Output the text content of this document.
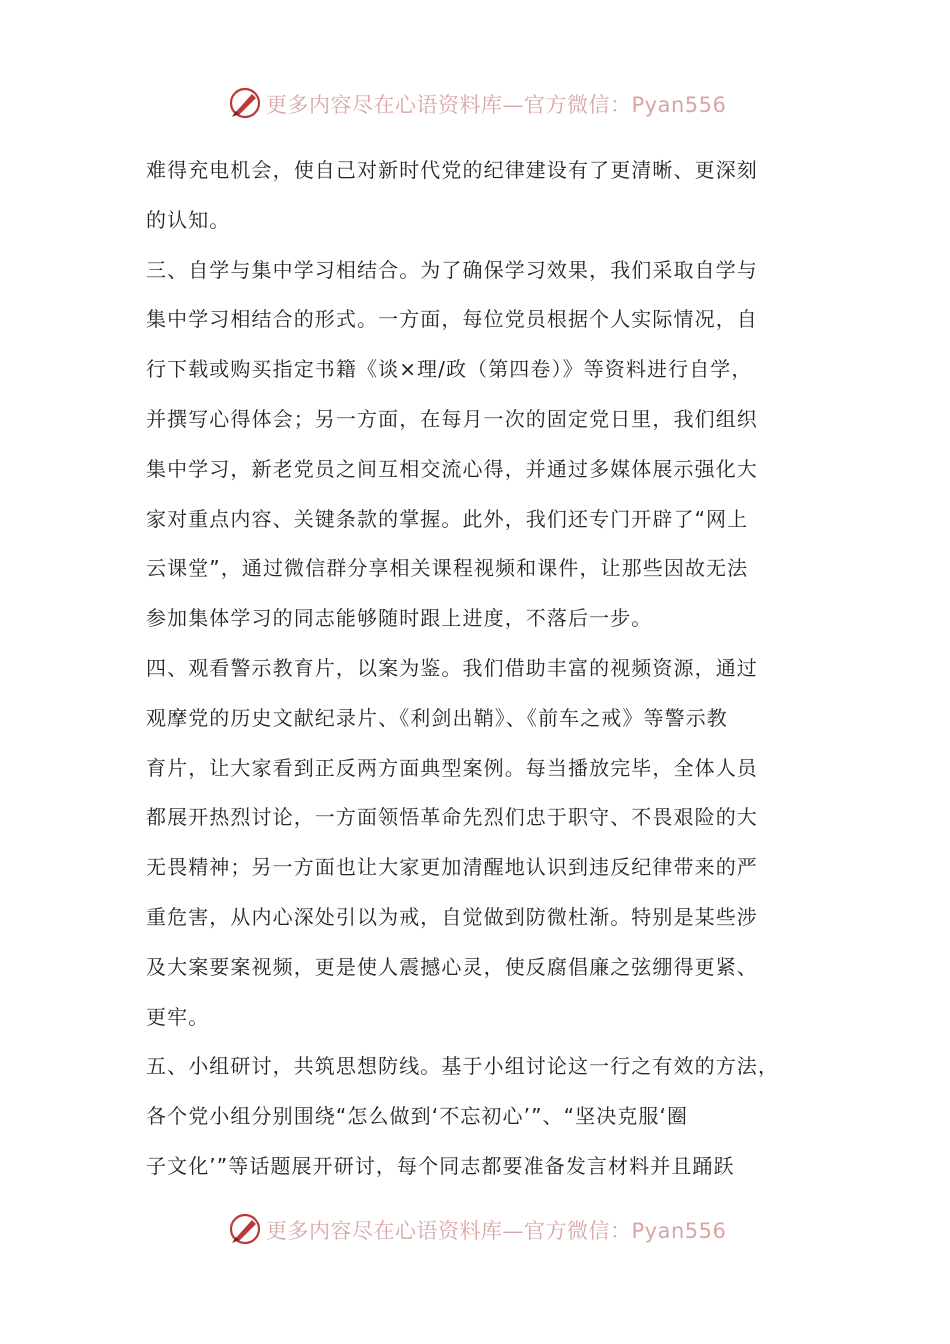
更多内容尽在心语资料库—官方微信：Pyan556
难得充电机会，使自己对新时代党的纪律建设有了更清晰、更深刻
的认知。
三、自学与集中学习相结合。为了确保学习效果，我们采取自学与
集中学习相结合的形式。一方面，每位党员根据个人实际情况，自
行下载或购买指定书籍《谈×理/政（第四卷）》等资料进行自学，
并撰写心得体会；另一方面，在每月一次的固定党日里，我们组织
集中学习，新老党员之间互相交流心得，并通过多媒体展示强化大
家对重点内容、关键条款的掌握。此外，我们还专门开辟了“网上
云课堂”，通过微信群分享相关课程视频和课件，让那些因故无法
参加集体学习的同志能够随时跟上进度，不落后一步。
四、观看警示教育片，以案为鉴。我们借助丰富的视频资源，通过
观摩党的历史文献纪录片、《利剑出鞘》、《前车之戒》等警示教
育片，让大家看到正反两方面典型案例。每当播放完毕，全体人员
都展开热烈讨论，一方面领悟革命先烈们忠于职守、不畏艰险的大
无畏精神；另一方面也让大家更加清醒地认识到违反纪律带来的严
重危害，从内心深处引以为戒，自觉做到防微杜渐。特别是某些涉
及大案要案视频，更是使人震撼心灵，使反腐倡廉之弦绷得更紧、
更牢。
五、小组研讨，共筑思想防线。基于小组讨论这一行之有效的方法，
各个党小组分别围绕“怎么做到‘不忘初心’”、“坚决克服‘圈
子文化’”等话题展开研讨，每个同志都要准备发言材料并且踊跃
更多内容尽在心语资料库—官方微信：Pyan556
